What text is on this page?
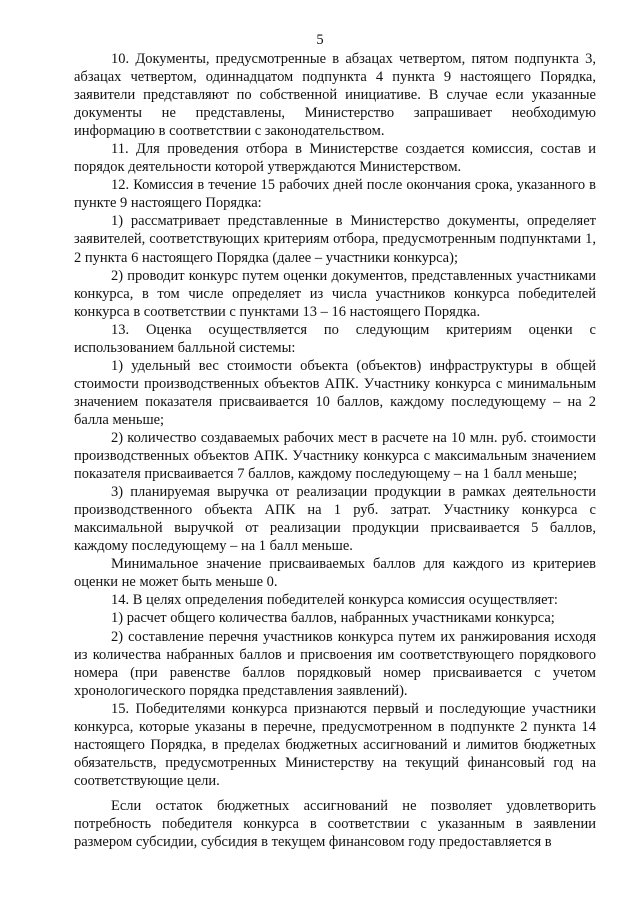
5

10. Документы, предусмотренные в абзацах четвертом, пятом подпункта 3, абзацах четвертом, одиннадцатом подпункта 4 пункта 9 настоящего Порядка, заявители представляют по собственной инициативе. В случае если указанные документы не представлены, Министерство запрашивает необходимую информацию в соответствии с законодательством.

11. Для проведения отбора в Министерстве создается комиссия, состав и порядок деятельности которой утверждаются Министерством.

12. Комиссия в течение 15 рабочих дней после окончания срока, указанного в пункте 9 настоящего Порядка:

1) рассматривает представленные в Министерство документы, определяет заявителей, соответствующих критериям отбора, предусмотренным подпунктами 1, 2 пункта 6 настоящего Порядка (далее – участники конкурса);

2) проводит конкурс путем оценки документов, представленных участниками конкурса, в том числе определяет из числа участников конкурса победителей конкурса в соответствии с пунктами 13 – 16 настоящего Порядка.

13. Оценка осуществляется по следующим критериям оценки с использованием балльной системы:

1) удельный вес стоимости объекта (объектов) инфраструктуры в общей стоимости производственных объектов АПК. Участнику конкурса с минимальным значением показателя присваивается 10 баллов, каждому последующему – на 2 балла меньше;

2) количество создаваемых рабочих мест в расчете на 10 млн. руб. стоимости производственных объектов АПК. Участнику конкурса с максимальным значением показателя присваивается 7 баллов, каждому последующему – на 1 балл меньше;

3) планируемая выручка от реализации продукции в рамках деятельности производственного объекта АПК на 1 руб. затрат. Участнику конкурса с максимальной выручкой от реализации продукции присваивается 5 баллов, каждому последующему – на 1 балл меньше.

Минимальное значение присваиваемых баллов для каждого из критериев оценки не может быть меньше 0.

14. В целях определения победителей конкурса комиссия осуществляет:

1) расчет общего количества баллов, набранных участниками конкурса;

2) составление перечня участников конкурса путем их ранжирования исходя из количества набранных баллов и присвоения им соответствующего порядкового номера (при равенстве баллов порядковый номер присваивается с учетом хронологического порядка представления заявлений).

15. Победителями конкурса признаются первый и последующие участники конкурса, которые указаны в перечне, предусмотренном в подпункте 2 пункта 14 настоящего Порядка, в пределах бюджетных ассигнований и лимитов бюджетных обязательств, предусмотренных Министерству на текущий финансовый год на соответствующие цели.

Если остаток бюджетных ассигнований не позволяет удовлетворить потребность победителя конкурса в соответствии с указанным в заявлении размером субсидии, субсидия в текущем финансовом году предоставляется в
